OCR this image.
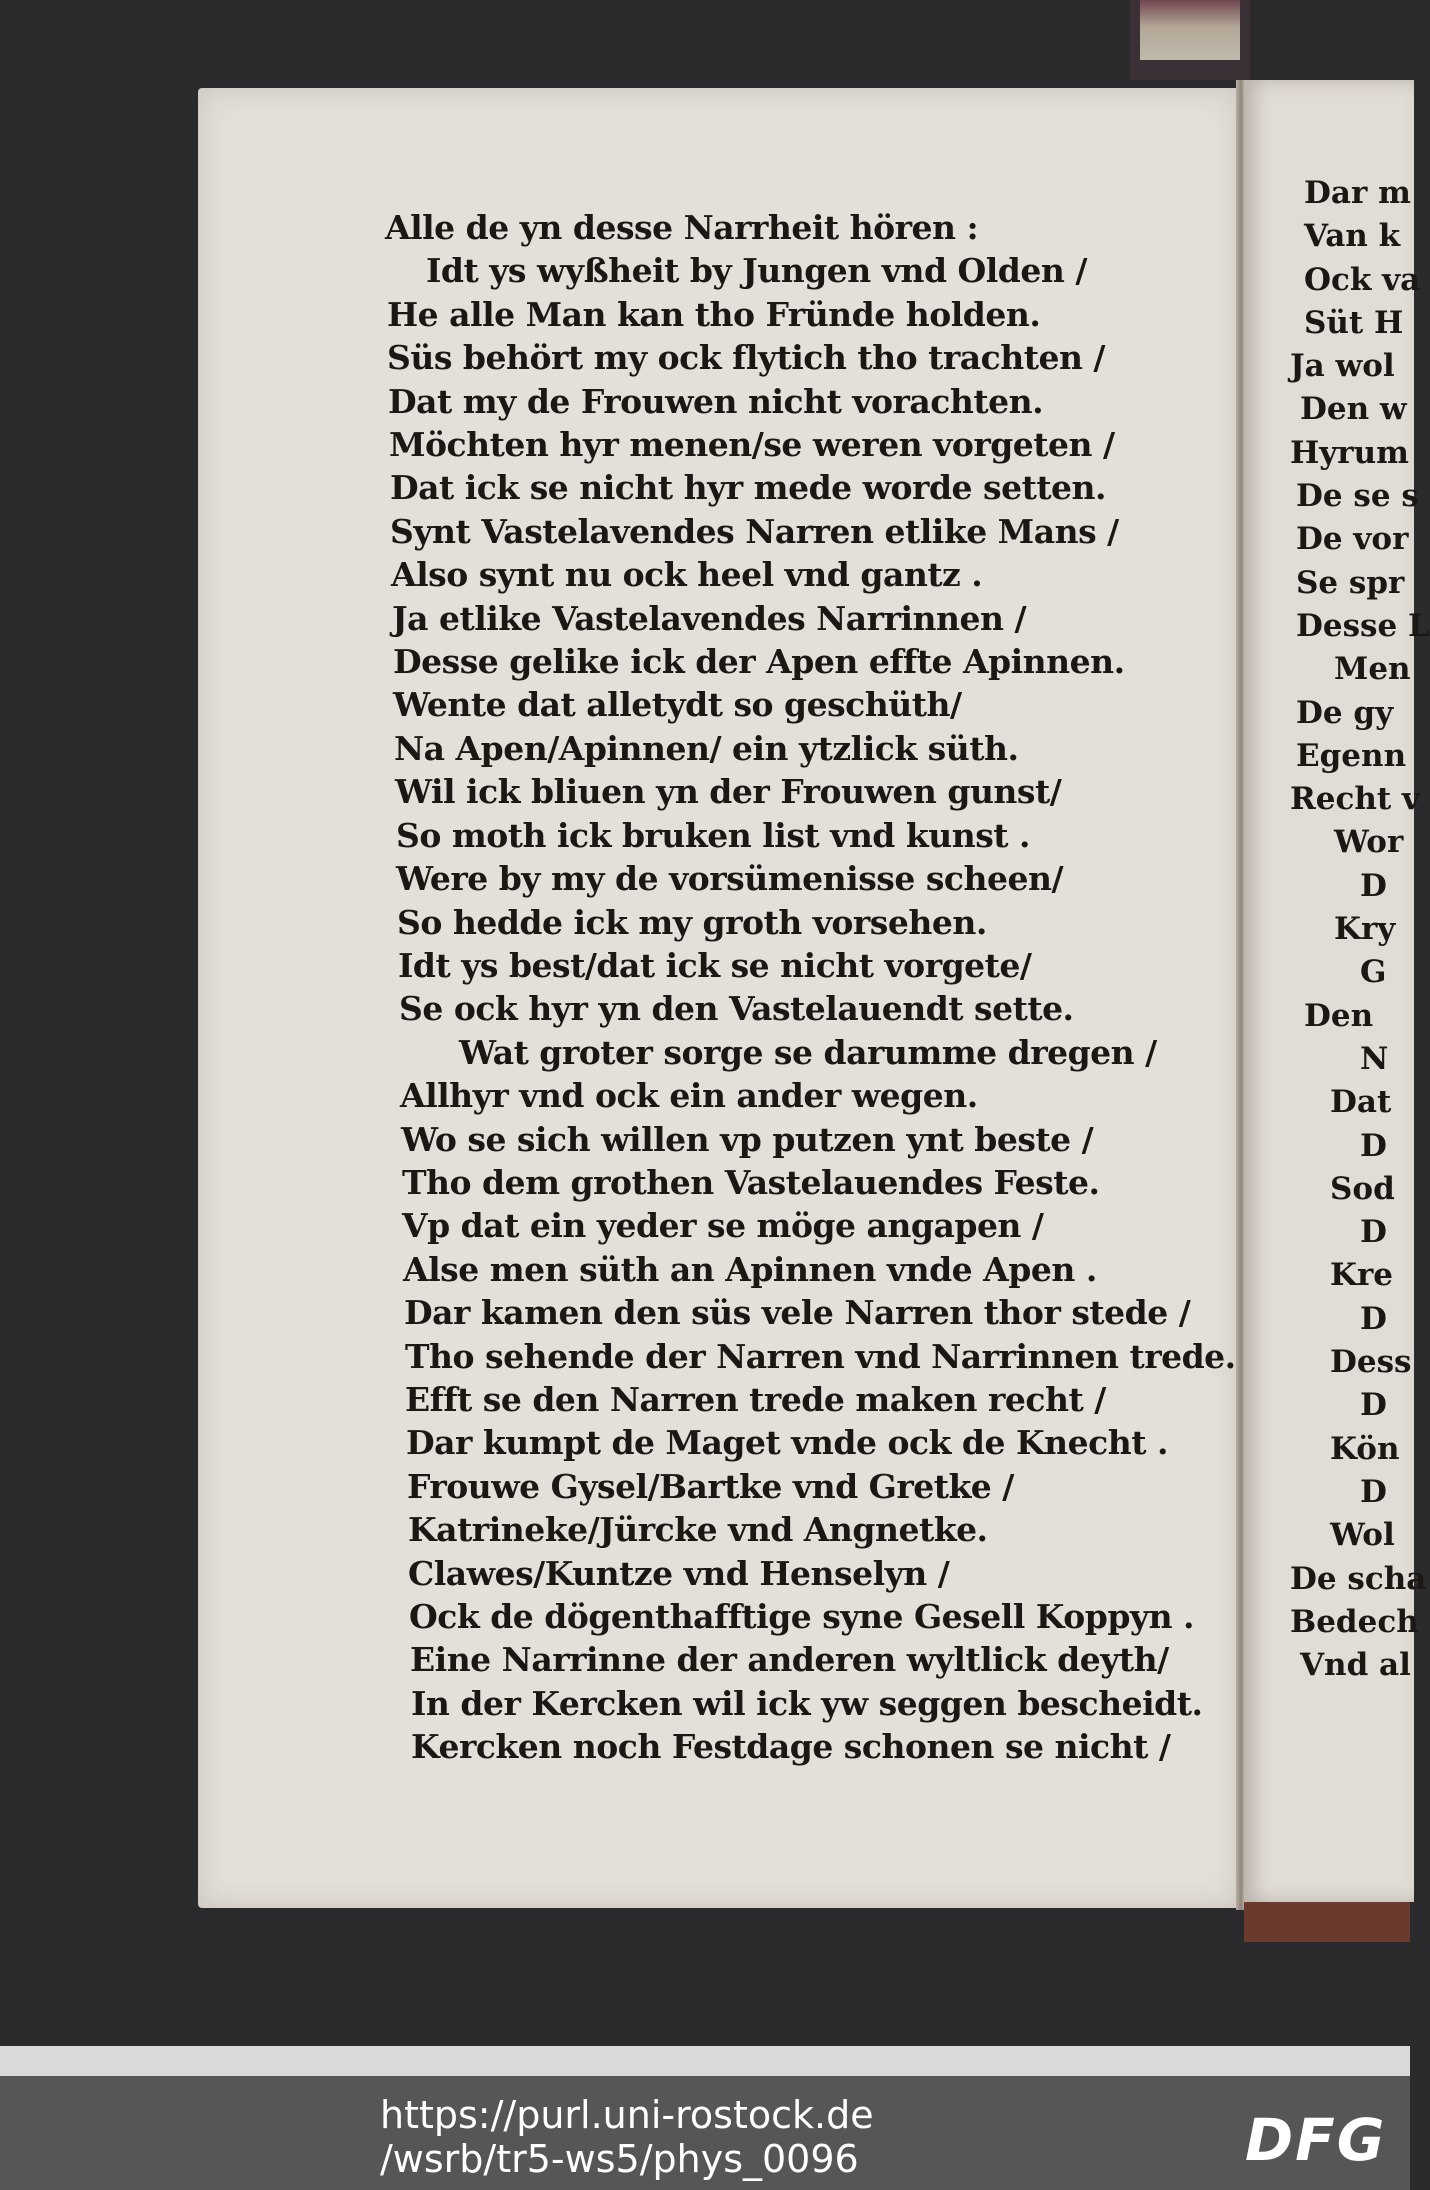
Alle de yn desse Narrheit hören :
Idt ys wyßheit by Jungen vnd Olden /
He alle Man kan tho Fründe holden.
Süs behört my ock flytich tho trachten /
Dat my de Frouwen nicht vorachten.
Möchten hyr menen/se weren vorgeten /
Dat ick se nicht hyr mede worde setten.
Synt Vastelavendes Narren etlike Mans /
Also synt nu ock heel vnd gantz .
Ja etlike Vastelavendes Narrinnen /
Desse gelike ick der Apen effte Apinnen.
Wente dat alletydt so geschüth/
Na Apen/Apinnen/ ein ytzlick süth.
Wil ick bliuen yn der Frouwen gunst/
So moth ick bruken list vnd kunst .
Were by my de vorsümenisse scheen/
So hedde ick my groth vorsehen.
Idt ys best/dat ick se nicht vorgete/
Se ock hyr yn den Vastelauendt sette.
Wat groter sorge se darumme dregen /
Allhyr vnd ock ein ander wegen.
Wo se sich willen vp putzen ynt beste /
Tho dem grothen Vastelauendes Feste.
Vp dat ein yeder se möge angapen /
Alse men süth an Apinnen vnde Apen .
Dar kamen den süs vele Narren thor stede /
Tho sehende der Narren vnd Narrinnen trede.
Efft se den Narren trede maken recht /
Dar kumpt de Maget vnde ock de Knecht .
Frouwe Gysel/Bartke vnd Gretke /
Katrineke/Jürcke vnd Angnetke.
Clawes/Kuntze vnd Henselyn /
Ock de dögenthafftige syne Gesell Koppyn .
Eine Narrinne der anderen wyltlick deyth/
In der Kercken wil ick yw seggen bescheidt.
Kercken noch Festdage schonen se nicht /
Dar m
Van k
Ock va
Süt H
Ja wol
Den w
Hyrum
De se s
De vor
Se spr
Desse L
Men
De gy
Egenn
Recht v
Wor
D
Kry
G
Den
N
Dat
D
Sod
D
Kre
D
Dess
D
Kön
D
Wol
De scha
Bedech
Vnd al
https://purl.uni-rostock.de
/wsrb/tr5-ws5/phys_0096	DFG
